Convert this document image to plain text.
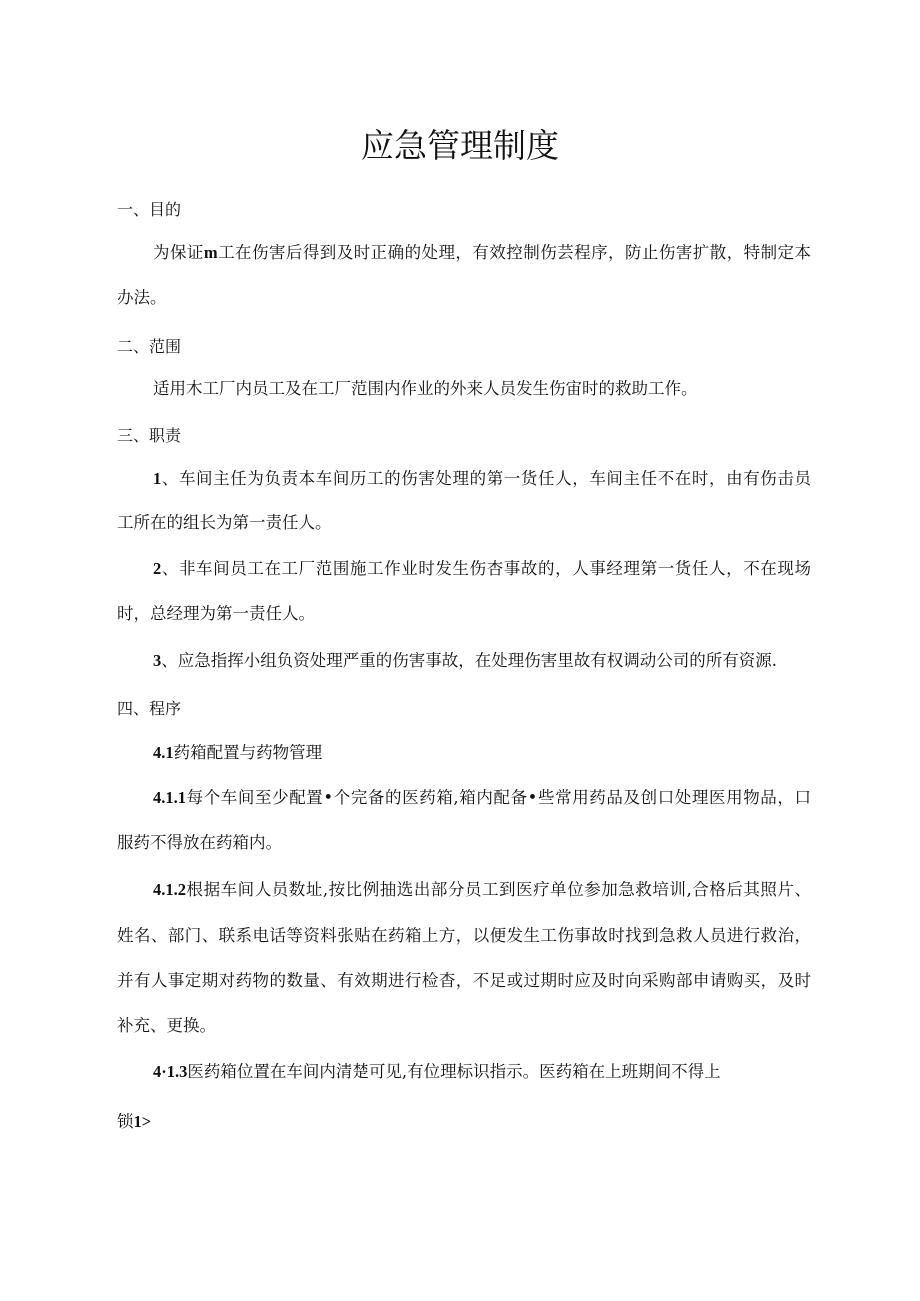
应急管理制度

一、目的

为保证m工在伤害后得到及时正确的处理，有效控制伤芸程序，防止伤害扩散，特制定本

办法。

二、范围

适用木工厂内员工及在工厂范围内作业的外来人员发生伤宙时的救助工作。

三、职责

1、车间主任为负责本车间历工的伤害处理的第一货任人，车间主任不在时，由有伤击员

工所在的组长为第一责任人。

2、非车间员工在工厂范围施工作业时发生伤杏事故的，人事经理第一货任人，不在现场

时，总经理为第一责任人。

3、应急指挥小组负资处理严重的伤害事故，在处理伤害里故有权调动公司的所有资源.

四、程序

4.1药箱配置与药物管理

4.1.1每个车间至少配置•个完备的医药箱,箱内配备•些常用药品及创口处理医用物品，口

服药不得放在药箱内。

4.1.2根据车间人员数址,按比例抽选出部分员工到医疗单位参加急救培训,合格后其照片、

姓名、部门、联系电话等资料张贴在药箱上方，以便发生工伤事故时找到急救人员进行救治，

并有人事定期对药物的数量、有效期进行检杳，不足或过期时应及时向采购部申请购买，及时

补充、更换。

4·1.3医药箱位置在车间内清楚可见,有位理标识指示。医药箱在上班期间不得上

锁1>
